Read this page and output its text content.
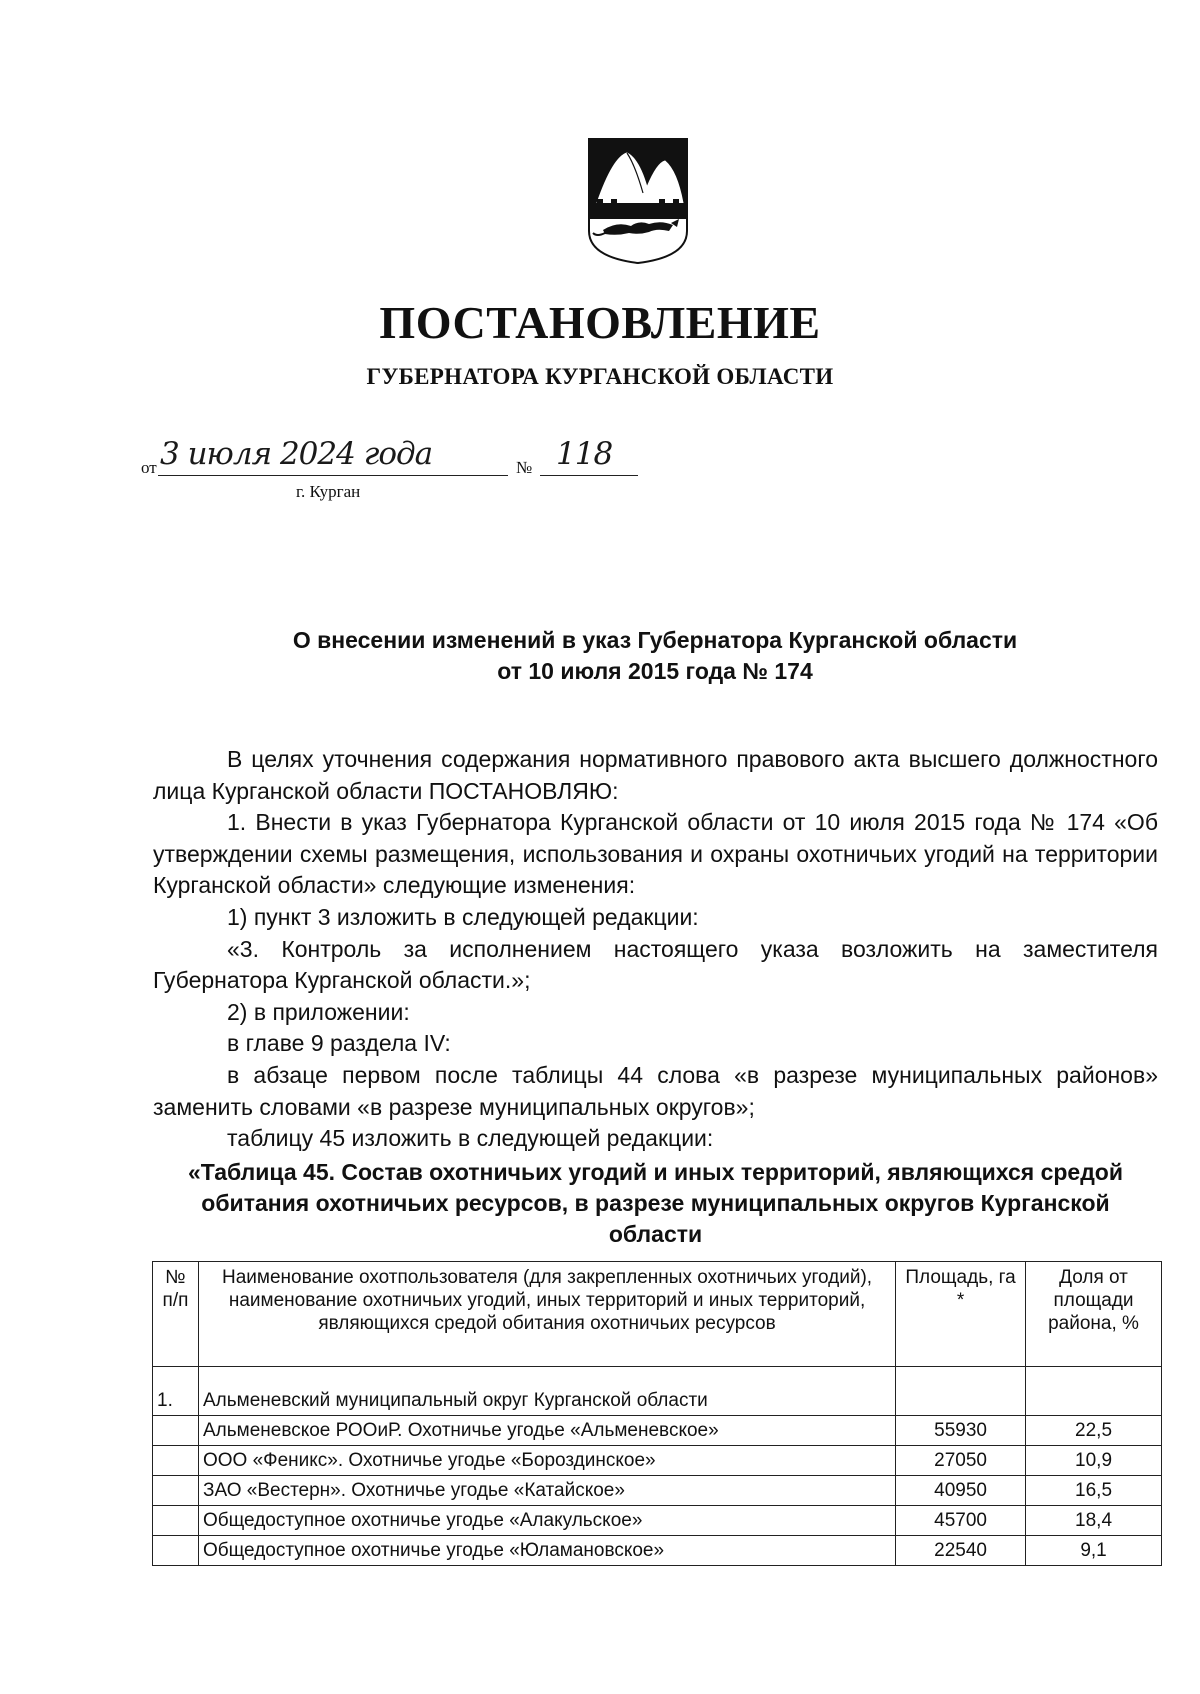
ПОСТАНОВЛЕНИЕ
ГУБЕРНАТОРА КУРГАНСКОЙ ОБЛАСТИ
от 3 июля 2024 года	№ 118
г. Курган
О внесении изменений в указ Губернатора Курганской области
от 10 июля 2015 года № 174

В целях уточнения содержания нормативного правового акта высшего должностного лица Курганской области ПОСТАНОВЛЯЮ:

1. Внести в указ Губернатора Курганской области от 10 июля 2015 года № 174 «Об утверждении схемы размещения, использования и охраны охотничьих угодий на территории Курганской области» следующие изменения:

1) пункт 3 изложить в следующей редакции:

«3. Контроль за исполнением настоящего указа возложить на заместителя Губернатора Курганской области.»;

2) в приложении:

в главе 9 раздела IV:

в абзаце первом после таблицы 44 слова «в разрезе муниципальных районов» заменить словами «в разрезе муниципальных округов»;

таблицу 45 изложить в следующей редакции:

«Таблица 45. Состав охотничьих угодий и иных территорий, являющихся средой обитания охотничьих ресурсов, в разрезе муниципальных округов Курганской области
№ п/п	Наименование охотпользователя (для закрепленных охотничьих угодий), наименование охотничьих угодий, иных территорий и иных территорий, являющихся средой обитания охотничьих ресурсов	Площадь, га *	Доля от площади района, %
1.	Альменевский муниципальный округ Курганской области		
	Альменевское РООиР. Охотничье угодье «Альменевское»	55930	22,5
	ООО «Феникс». Охотничье угодье «Бороздинское»	27050	10,9
	ЗАО «Вестерн». Охотничье угодье «Катайское»	40950	16,5
	Общедоступное охотничье угодье «Алакульское»	45700	18,4
	Общедоступное охотничье угодье «Юламановское»	22540	9,1
